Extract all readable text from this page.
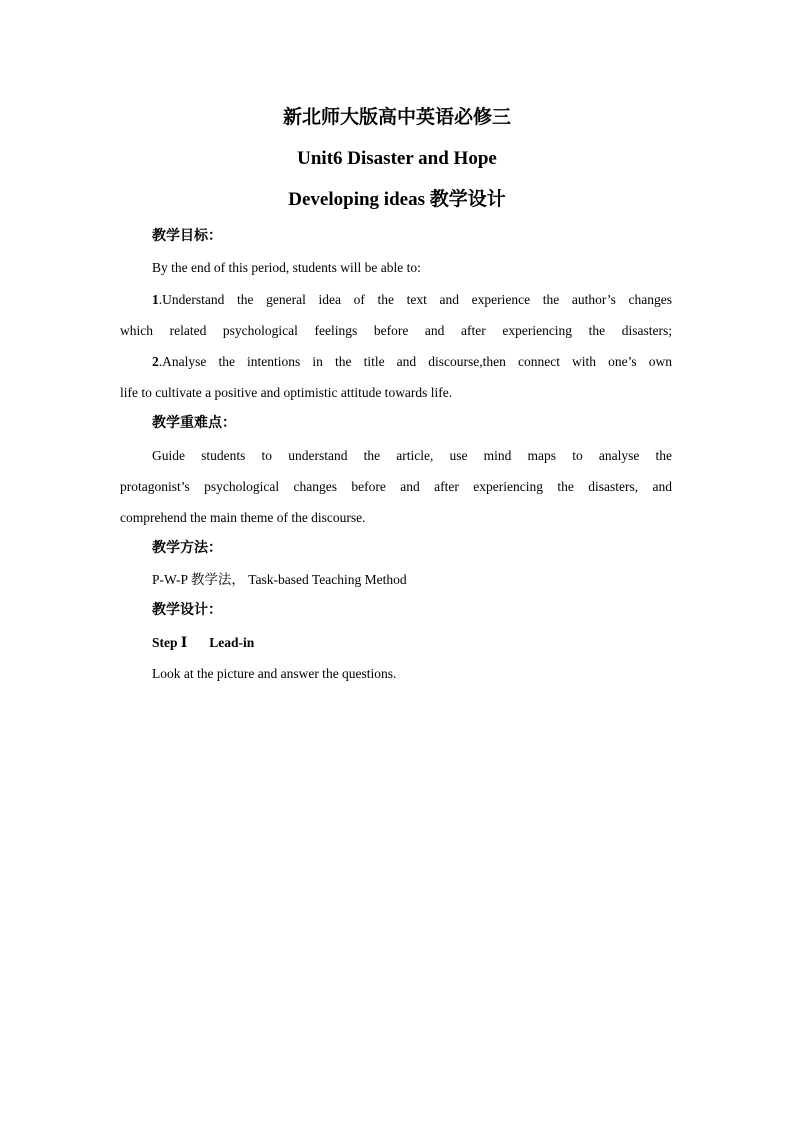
新北师大版高中英语必修三
Unit6 Disaster and Hope
Developing ideas 教学设计
教学目标：
By the end of this period, students will be able to:
1.Understand the general idea of the text and experience the author’s changes
which related psychological feelings before and after experiencing the disasters;
2.Analyse the intentions in the title and discourse,then connect with one’s own
life to cultivate a positive and optimistic attitude towards life.
教学重难点：
Guide students to understand the article, use mind maps to analyse the
protagonist’s psychological changes before and after experiencing the disasters, and
comprehend the main theme of the discourse.
教学方法：
P-W-P 教学法， Task-based Teaching Method
教学设计：
Step Ⅰ Lead-in
Look at the picture and answer the questions.
